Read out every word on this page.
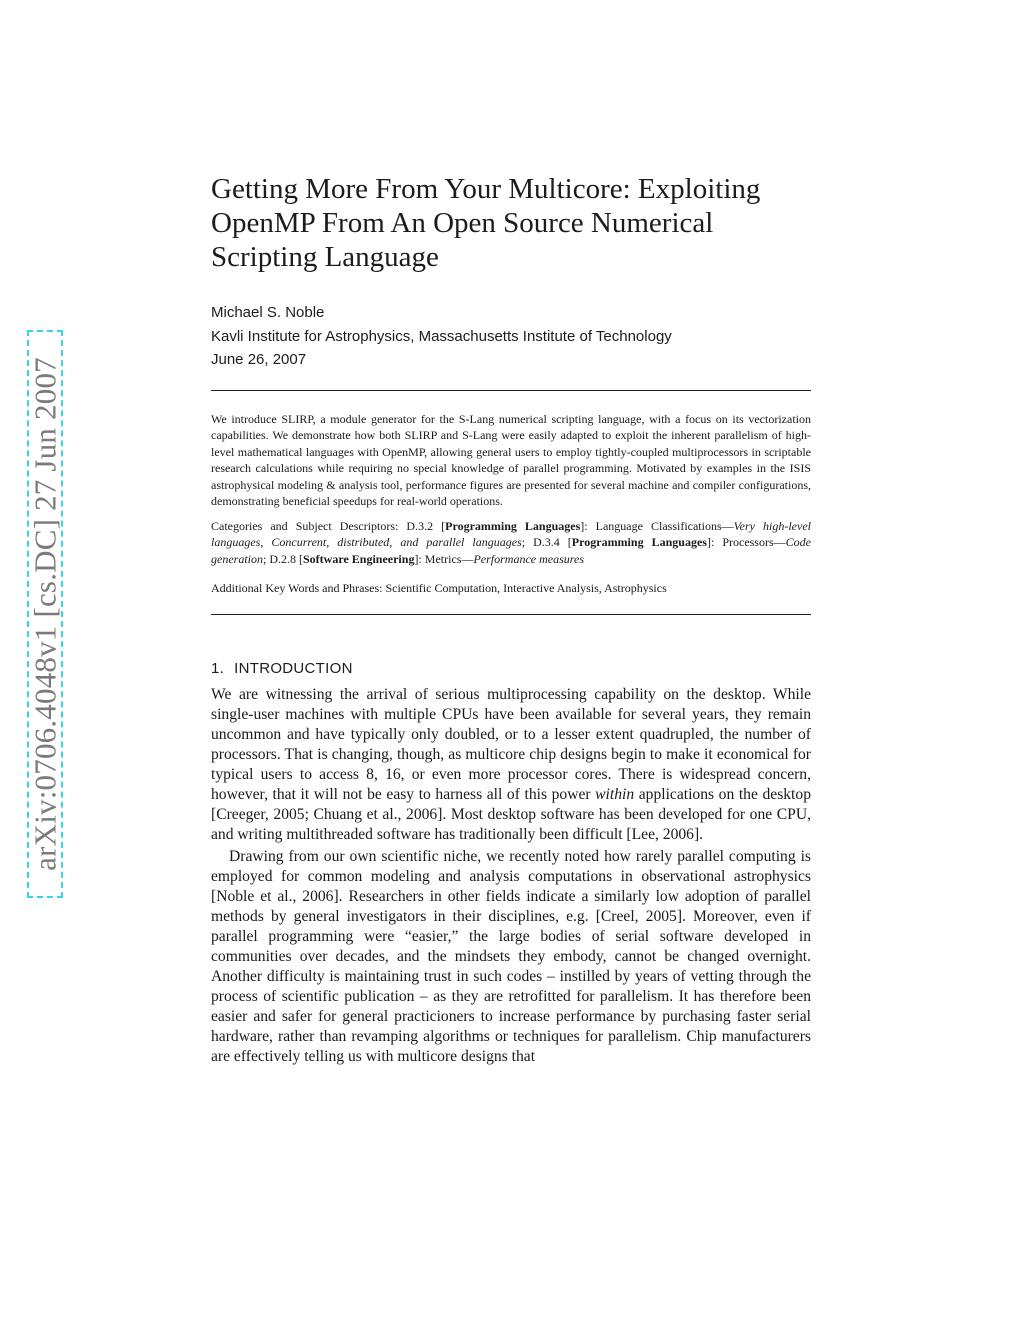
arXiv:0706.4048v1 [cs.DC] 27 Jun 2007
Getting More From Your Multicore: Exploiting OpenMP From An Open Source Numerical Scripting Language
Michael S. Noble
Kavli Institute for Astrophysics, Massachusetts Institute of Technology
June 26, 2007

We introduce SLIRP, a module generator for the S-Lang numerical scripting language, with a focus on its vectorization capabilities. We demonstrate how both SLIRP and S-Lang were easily adapted to exploit the inherent parallelism of high-level mathematical languages with OpenMP, allowing general users to employ tightly-coupled multiprocessors in scriptable research calculations while requiring no special knowledge of parallel programming. Motivated by examples in the ISIS astrophysical modeling & analysis tool, performance figures are presented for several machine and compiler configurations, demonstrating beneficial speedups for real-world operations.

Categories and Subject Descriptors: D.3.2 [Programming Languages]: Language Classifications—Very high-level languages, Concurrent, distributed, and parallel languages; D.3.4 [Programming Languages]: Processors—Code generation; D.2.8 [Software Engineering]: Metrics—Performance measures

Additional Key Words and Phrases: Scientific Computation, Interactive Analysis, Astrophysics

1. INTRODUCTION

We are witnessing the arrival of serious multiprocessing capability on the desktop. While single-user machines with multiple CPUs have been available for several years, they remain uncommon and have typically only doubled, or to a lesser extent quadrupled, the number of processors. That is changing, though, as multicore chip designs begin to make it economical for typical users to access 8, 16, or even more processor cores. There is widespread concern, however, that it will not be easy to harness all of this power within applications on the desktop [Creeger, 2005; Chuang et al., 2006]. Most desktop software has been developed for one CPU, and writing multithreaded software has traditionally been difficult [Lee, 2006].

Drawing from our own scientific niche, we recently noted how rarely parallel computing is employed for common modeling and analysis computations in observational astrophysics [Noble et al., 2006]. Researchers in other fields indicate a similarly low adoption of parallel methods by general investigators in their disciplines, e.g. [Creel, 2005]. Moreover, even if parallel programming were “easier,” the large bodies of serial software developed in communities over decades, and the mindsets they embody, cannot be changed overnight. Another difficulty is maintaining trust in such codes – instilled by years of vetting through the process of scientific publication – as they are retrofitted for parallelism. It has therefore been easier and safer for general practicioners to increase performance by purchasing faster serial hardware, rather than revamping algorithms or techniques for parallelism. Chip manufacturers are effectively telling us with multicore designs that
